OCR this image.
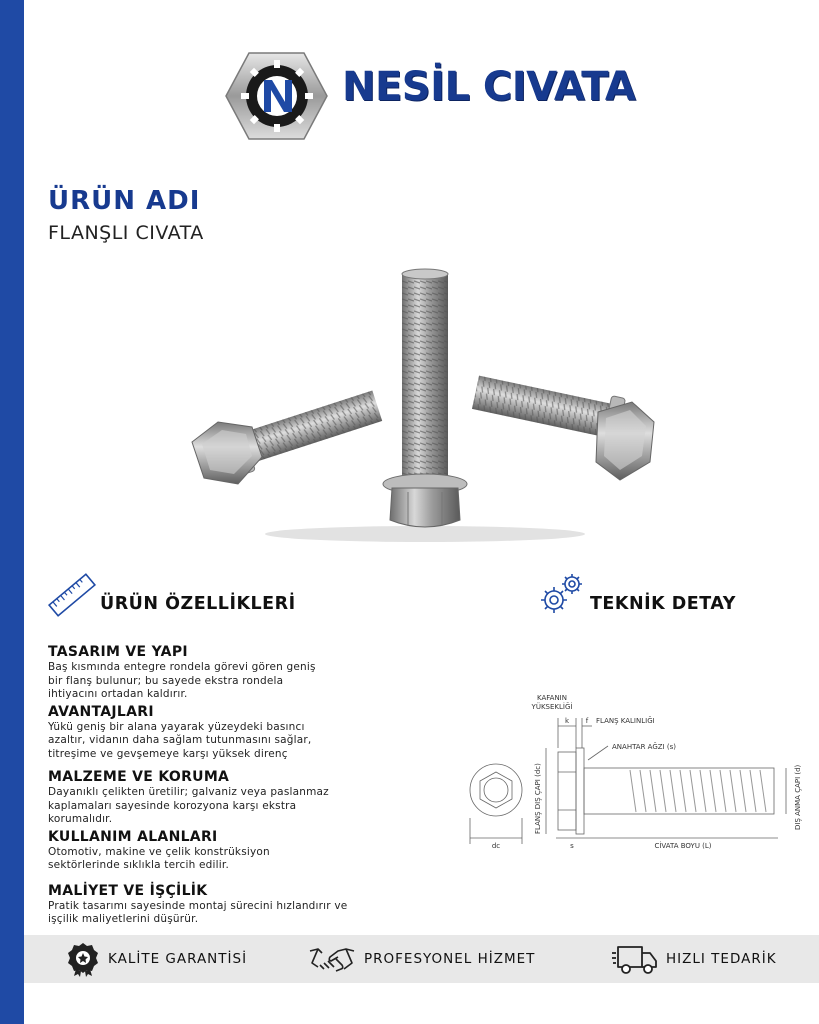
NESİL CIVATA
ÜRÜN ADI
FLANŞLI CIVATA
ÜRÜN ÖZELLİKLERİ	TEKNİK DETAY
TASARIM VE YAPI

Baş kısmında entegre rondela görevi gören geniş

bir flanş bulunur; bu sayede ekstra rondela

ihtiyacını ortadan kaldırır.

AVANTAJLARI

Yükü geniş bir alana yayarak yüzeydeki basıncı

azaltır, vidanın daha sağlam tutunmasını sağlar,

titreşime ve gevşemeye karşı yüksek direnç

MALZEME VE KORUMA

Dayanıklı çelikten üretilir; galvaniz veya paslanmaz

kaplamaları sayesinde korozyona karşı ekstra

korumalıdır.

KULLANIM ALANLARI

Otomotiv, makine ve çelik konstrüksiyon

sektörlerinde sıklıkla tercih edilir.

MALİYET VE İŞÇİLİK

Pratik tasarımı sayesinde montaj sürecini hızlandırır ve

işçilik maliyetlerini düşürür.

KAFANIN
YÜKSEKLİĞİ
k f FLANŞ KALINLIĞI
ANAHTAR AĞZI (s)
CİVATA BOYU (L)
dc	s
FLANŞ DIŞ ÇAPI (dc)	DIŞ ANMA ÇAPI (d)
KALİTE GARANTİSİ	PROFESYONEL HİZMET	HIZLI TEDARİK
